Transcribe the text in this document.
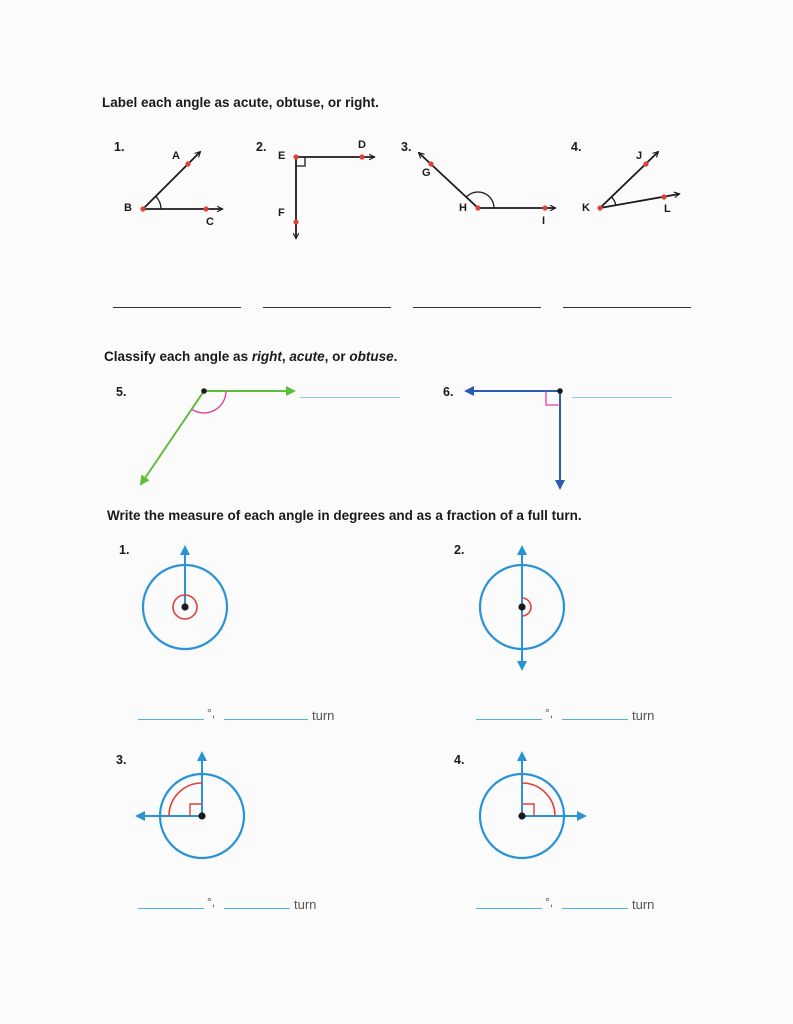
Label each angle as acute, obtuse, or right.
1.	2.	3.	4.
A
B
C
D
E
F
G
H
I
J
K	L
Classify each angle as right, acute, or obtuse.
5.	6.
Write the measure of each angle in degrees and as a fraction of a full turn.
1.	2.
3.	4.
°,	turn	°,	turn
°,	turn	°,	turn
